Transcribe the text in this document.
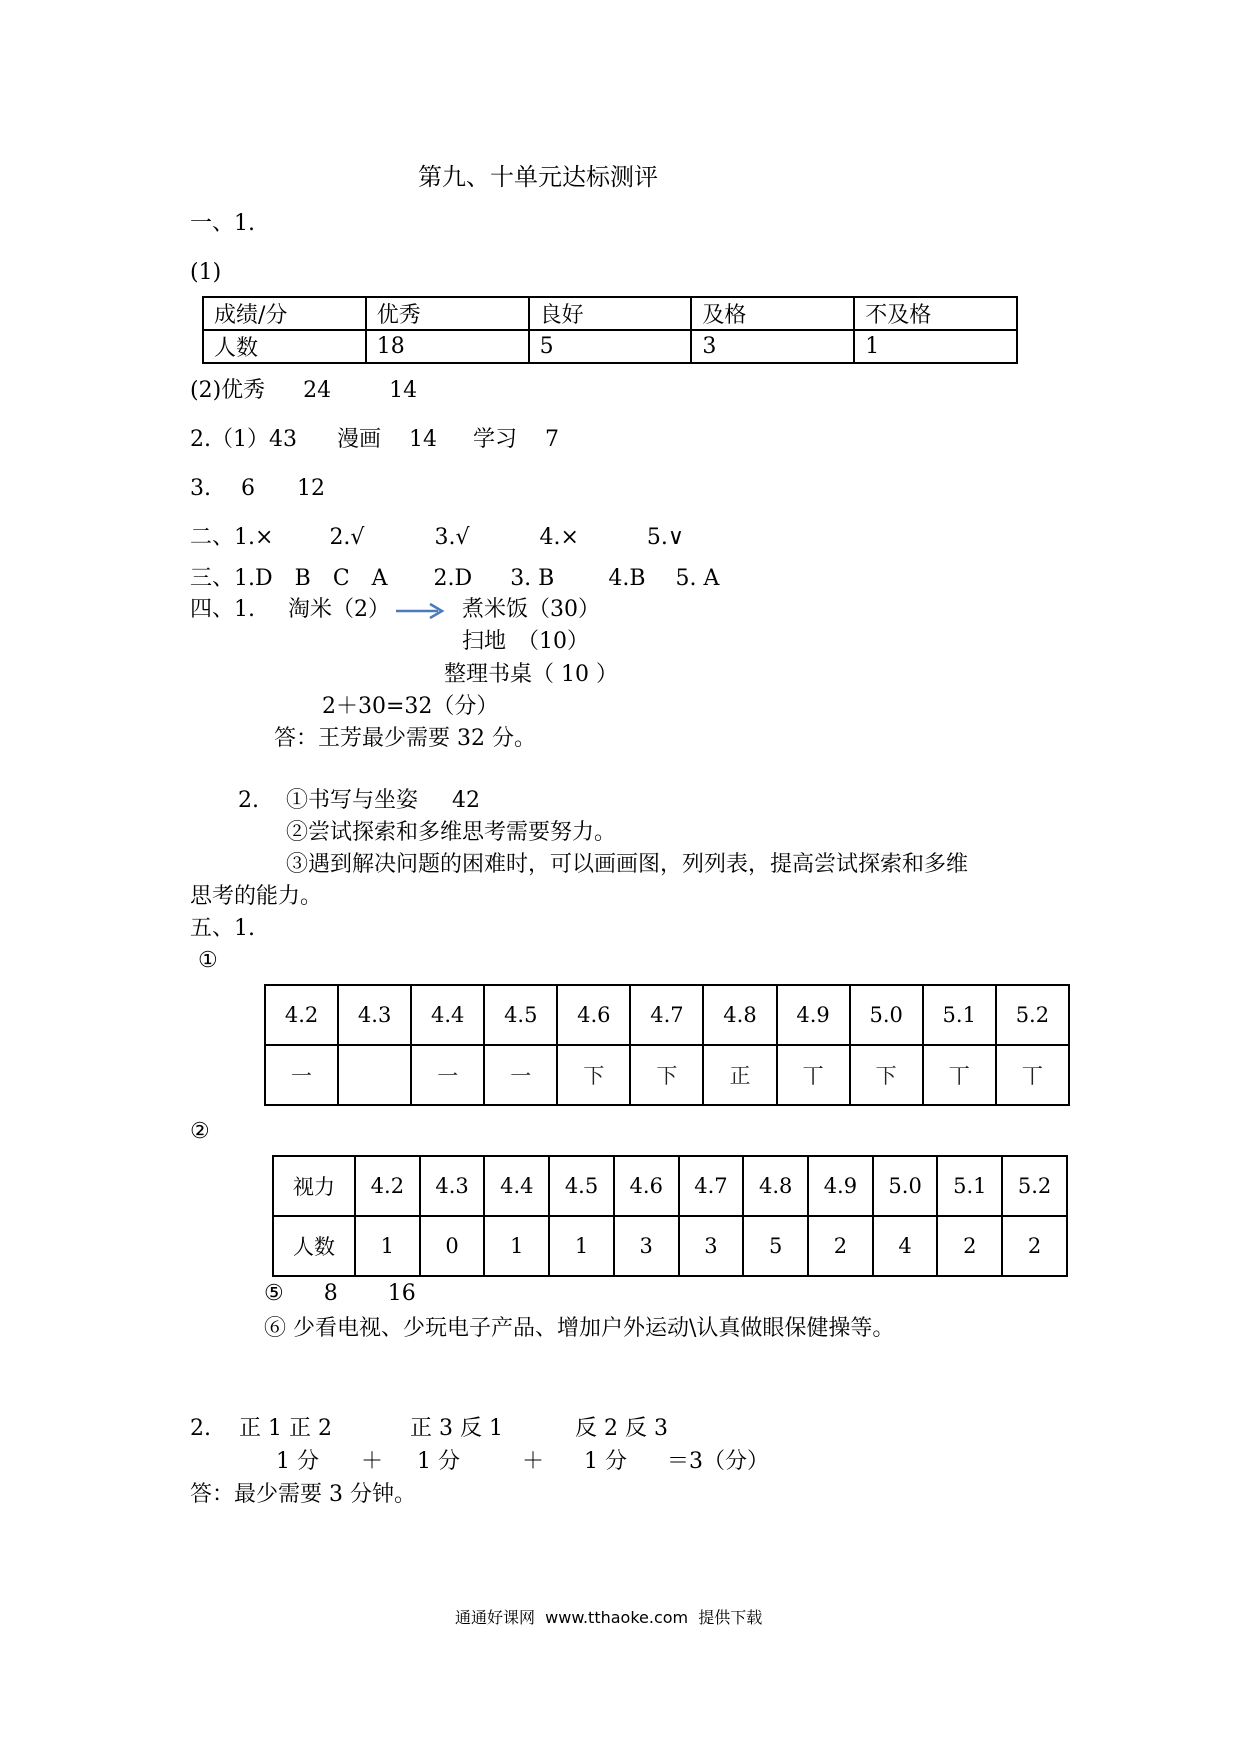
第九、十单元达标测评
一、1.
(1)
成绩/分	优秀	良好	及格	不及格
人数	18	5	3	1
(2)优秀 24	14
2.（1）43 漫画 14 学习 7
3. 6 12
二、1.×	2.√	3.√	4.×	5.∨
三、1.D B C A 2.D 3. B 4.B 5. A
四、1. 淘米（2）	煮米饭（30）
扫地　（10）
整理书桌（ 10 ）
2＋30=32（分）
答：王芳最少需要 32 分。
2. ①书写与坐姿 42
②尝试探索和多维思考需要努力。
③遇到解决问题的困难时，可以画画图，列列表，提高尝试探索和多维
思考的能力。
五、1.
①
4.2	4.3	4.4	4.5	4.6	4.7	4.8	4.9	5.0	5.1	5.2
一		一	一	下	下	正	丅	下	丅	丅
②
视力	4.2	4.3	4.4	4.5	4.6	4.7	4.8	4.9	5.0	5.1	5.2
人数	1	0	1	1	3	3	5	2	4	2	2
⑤ 8 16
⑥ 少看电视、少玩电子产品、增加户外运动\认真做眼保健操等。
2. 正 1 正 2	正 3 反 1	反 2 反 3
1 分 ＋ 1 分	＋ 1 分 ＝3（分）
答：最少需要 3 分钟。
通通好课网  www.tthaoke.com  提供下载
